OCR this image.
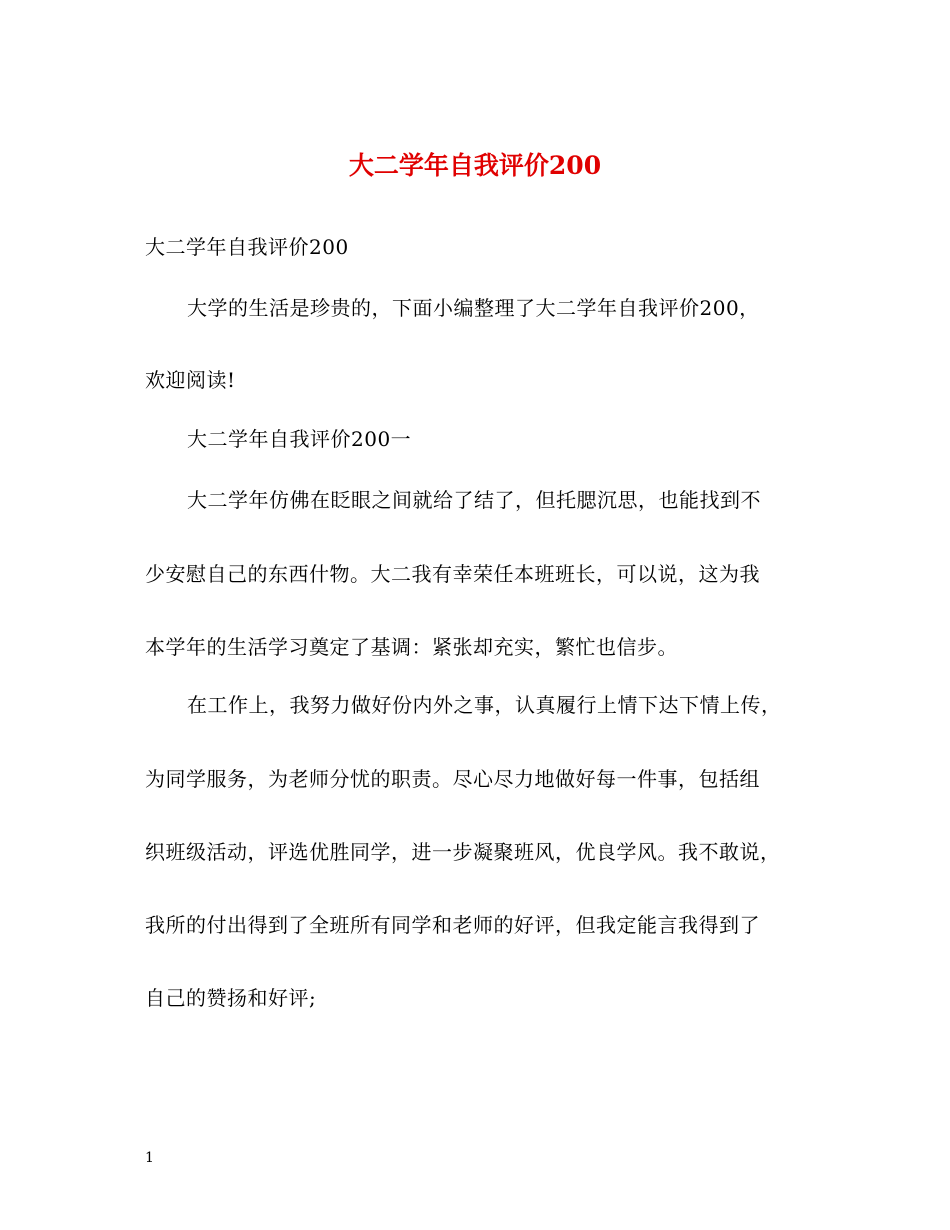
大二学年自我评价200
大二学年自我评价200
大学的生活是珍贵的，下面小编整理了大二学年自我评价200，
欢迎阅读!
大二学年自我评价200一
大二学年仿佛在眨眼之间就给了结了，但托腮沉思，也能找到不
少安慰自己的东西什物。大二我有幸荣任本班班长，可以说，这为我
本学年的生活学习奠定了基调：紧张却充实，繁忙也信步。
在工作上，我努力做好份内外之事，认真履行上情下达下情上传，
为同学服务，为老师分忧的职责。尽心尽力地做好每一件事，包括组
织班级活动，评选优胜同学，进一步凝聚班风，优良学风。我不敢说，
我所的付出得到了全班所有同学和老师的好评，但我定能言我得到了
自己的赞扬和好评;
1
